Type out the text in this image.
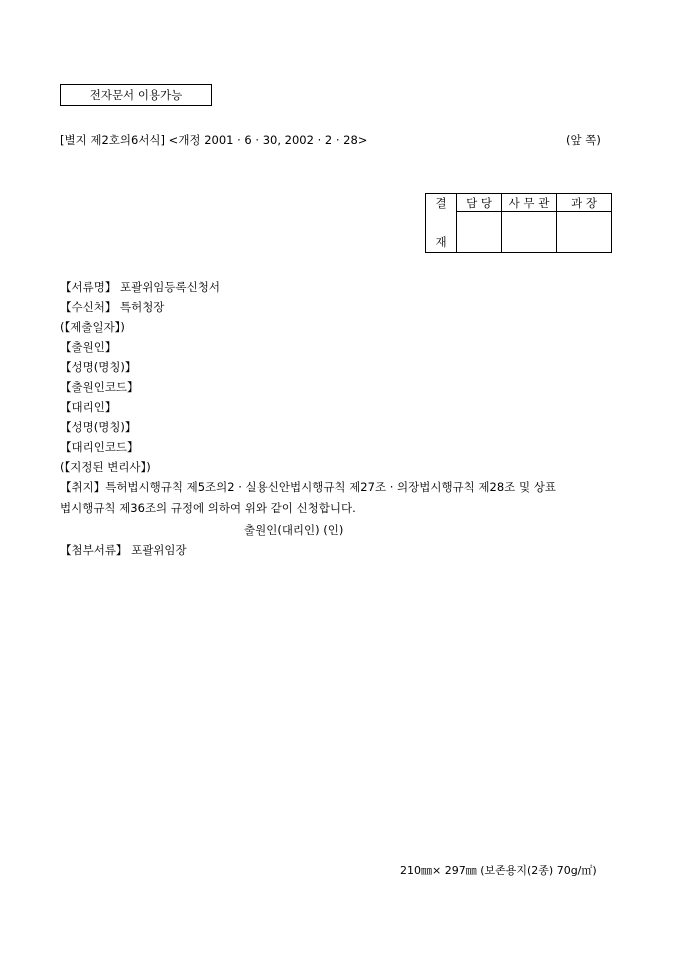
전자문서 이용가능
[별지 제2호의6서식] <개정 2001 · 6 · 30, 2002 · 2 · 28>	(앞 쪽)
결	담 당	사 무 관	과 장
재			
【서류명】 포괄위임등록신청서
【수신처】 특허청장
(【제출일자】)
【출원인】
【성명(명칭)】
【출원인코드】
【대리인】
【성명(명칭)】
【대리인코드】
(【지정된 변리사】)
【취지】특허법시행규칙 제5조의2 · 실용신안법시행규칙 제27조 · 의장법시행규칙 제28조 및 상표
법시행규칙 제36조의 규정에 의하여 위와 같이 신청합니다.
출원인(대리인) (인)
【첨부서류】 포괄위임장
210㎜× 297㎜ (보존용지(2종) 70g/㎡)
